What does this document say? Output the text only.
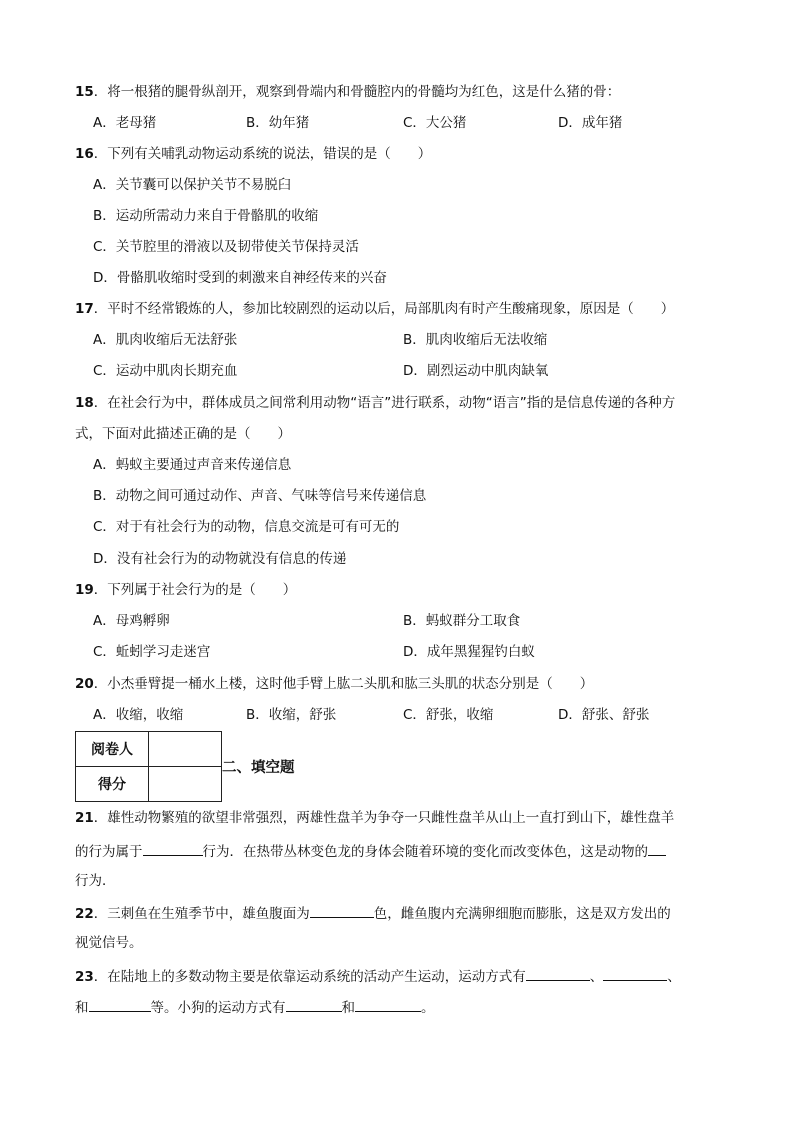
15．将一根猪的腿骨纵剖开，观察到骨端内和骨髓腔内的骨髓均为红色，这是什么猪的骨：
A．老母猪	B．幼年猪	C．大公猪	D．成年猪
16．下列有关哺乳动物运动系统的说法，错误的是（　　）
A．关节囊可以保护关节不易脱臼
B．运动所需动力来自于骨骼肌的收缩
C．关节腔里的滑液以及韧带使关节保持灵活
D．骨骼肌收缩时受到的刺激来自神经传来的兴奋
17．平时不经常锻炼的人，参加比较剧烈的运动以后，局部肌肉有时产生酸痛现象，原因是（　　）
A．肌肉收缩后无法舒张	B．肌肉收缩后无法收缩
C．运动中肌肉长期充血	D．剧烈运动中肌肉缺氧
18．在社会行为中，群体成员之间常利用动物“语言”进行联系，动物“语言”指的是信息传递的各种方
式，下面对此描述正确的是（　　）
A．蚂蚁主要通过声音来传递信息
B．动物之间可通过动作、声音、气味等信号来传递信息
C．对于有社会行为的动物，信息交流是可有可无的
D．没有社会行为的动物就没有信息的传递
19．下列属于社会行为的是（　　）
A．母鸡孵卵	B．蚂蚁群分工取食
C．蚯蚓学习走迷宫	D．成年黑猩猩钓白蚁
20．小杰垂臂提一桶水上楼，这时他手臂上肱二头肌和肱三头肌的状态分别是（　　）
A．收缩，收缩	B．收缩，舒张	C．舒张，收缩	D．舒张、舒张
阅卷人	
得分	
二、填空题
21．雄性动物繁殖的欲望非常强烈，两雄性盘羊为争夺一只雌性盘羊从山上一直打到山下，雄性盘羊
的行为属于	行为．在热带丛林变色龙的身体会随着环境的变化而改变体色，这是动物的
行为．
22．三刺鱼在生殖季节中，雄鱼腹面为	色，雌鱼腹内充满卵细胞而膨胀，这是双方发出的
视觉信号。
23．在陆地上的多数动物主要是依靠运动系统的活动产生运动，运动方式有	、	、
和	等。小狗的运动方式有	和	。
